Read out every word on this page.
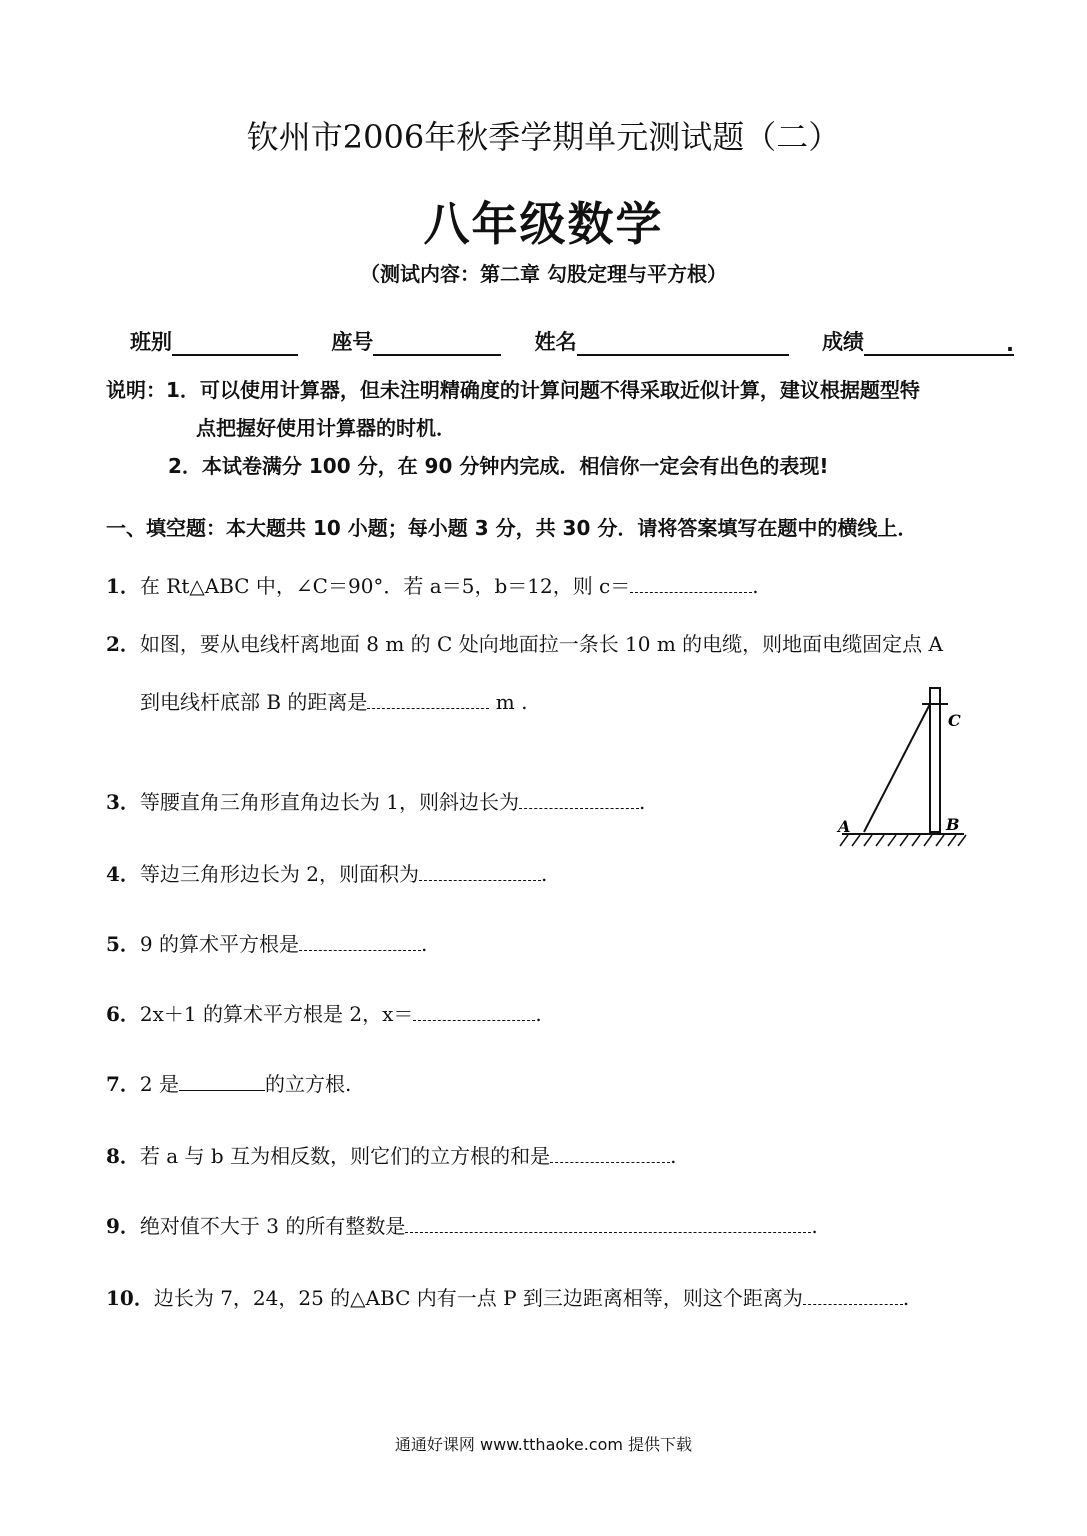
钦州市2006年秋季学期单元测试题（二）
八年级数学
（测试内容：第二章 勾股定理与平方根）
班别	座号	姓名	成绩	.
说明：1．可以使用计算器，但未注明精确度的计算问题不得采取近似计算，建议根据题型特
点把握好使用计算器的时机．
2．本试卷满分 100 分，在 90 分钟内完成．相信你一定会有出色的表现!
一、填空题：本大题共 10 小题；每小题 3 分，共 30 分．请将答案填写在题中的横线上．
1．在 Rt△ABC 中，∠C＝90°．若 a＝5，b＝12，则 c＝	.
2．如图，要从电线杆离地面 8 m 的 C 处向地面拉一条长 10 m 的电缆，则地面电缆固定点 A
到电线杆底部 B 的距离是	m .
A	B
C
3．等腰直角三角形直角边长为 1，则斜边长为	.
4．等边三角形边长为 2，则面积为	.
5．9 的算术平方根是	.
6．2x＋1 的算术平方根是 2，x＝	.
7．2 是	的立方根.
8．若 a 与 b 互为相反数，则它们的立方根的和是	.
9．绝对值不大于 3 的所有整数是	.
10．边长为 7，24，25 的△ABC 内有一点 P 到三边距离相等，则这个距离为	.
通通好课网 www.tthaoke.com 提供下载
